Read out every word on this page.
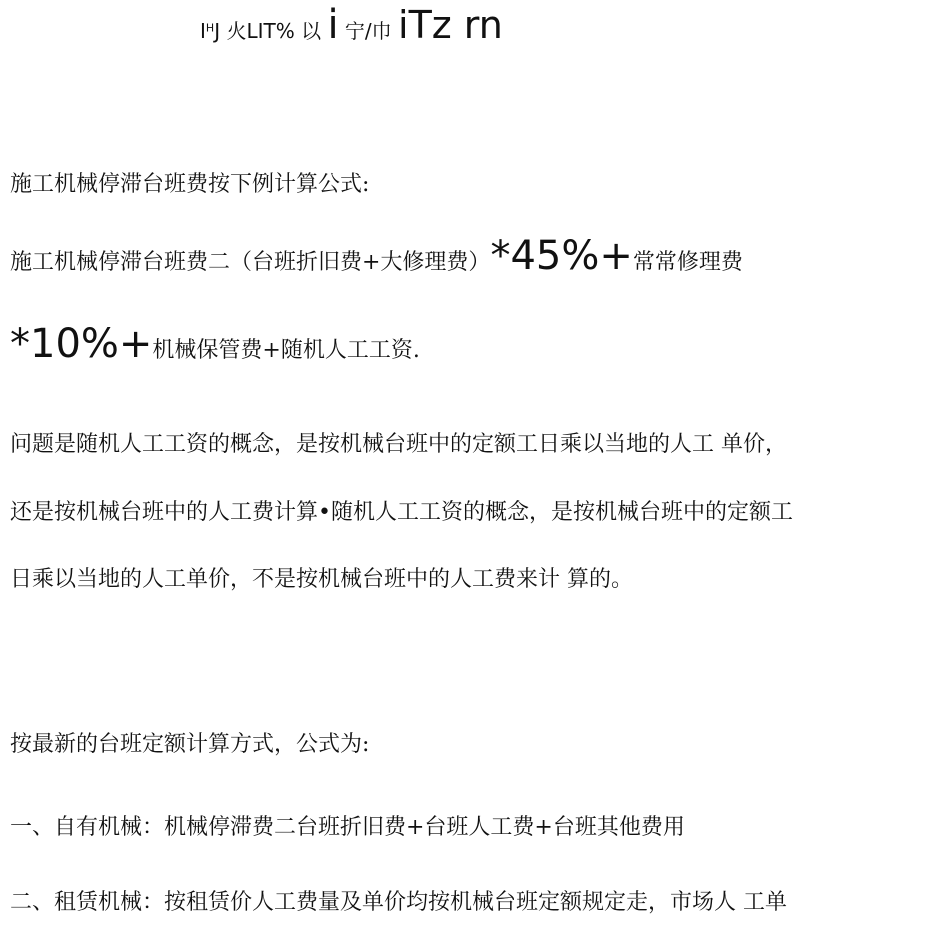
$I^HJ$ 火LIT% 以 i 宁/巾 iTz rn
施工机械停滞台班费按下例计算公式:
施工机械停滞台班费二（台班折旧费+大修理费）*45%+常常修理费
*10%+机械保管费+随机人工工资.
问题是随机人工工资的概念，是按机械台班中的定额工日乘以当地的人工 单价，
还是按机械台班中的人工费计算•随机人工工资的概念，是按机械台班中的定额工
日乘以当地的人工单价，不是按机械台班中的人工费来计 算的。
按最新的台班定额计算方式，公式为:
一、自有机械：机械停滞费二台班折旧费+台班人工费+台班其他费用
二、租赁机械：按租赁价人工费量及单价均按机械台班定额规定走，市场人 工单
